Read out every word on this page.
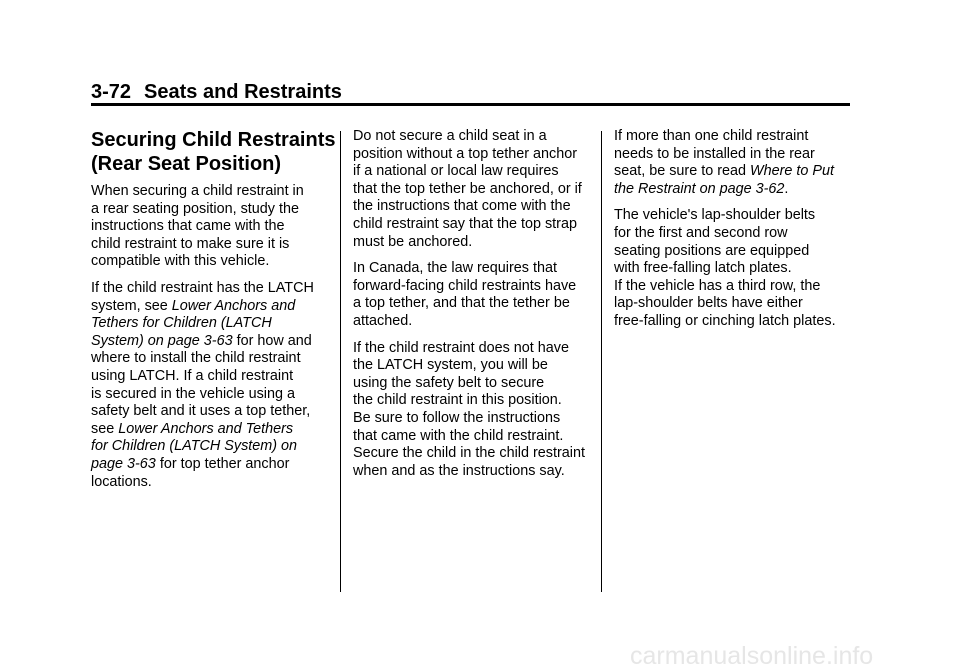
3-72 Seats and Restraints
Securing Child Restraints
(Rear Seat Position)

When securing a child restraint in
a rear seating position, study the
instructions that came with the
child restraint to make sure it is
compatible with this vehicle.

If the child restraint has the LATCH
system, see Lower Anchors and
Tethers for Children (LATCH
System) on page 3-63 for how and
where to install the child restraint
using LATCH. If a child restraint
is secured in the vehicle using a
safety belt and it uses a top tether,
see Lower Anchors and Tethers
for Children (LATCH System) on
page 3-63 for top tether anchor
locations.

Do not secure a child seat in a
position without a top tether anchor
if a national or local law requires
that the top tether be anchored, or if
the instructions that come with the
child restraint say that the top strap
must be anchored.

In Canada, the law requires that
forward-facing child restraints have
a top tether, and that the tether be
attached.

If the child restraint does not have
the LATCH system, you will be
using the safety belt to secure
the child restraint in this position.
Be sure to follow the instructions
that came with the child restraint.
Secure the child in the child restraint
when and as the instructions say.

If more than one child restraint
needs to be installed in the rear
seat, be sure to read Where to Put
the Restraint on page 3-62.

The vehicle's lap-shoulder belts
for the first and second row
seating positions are equipped
with free-falling latch plates.
If the vehicle has a third row, the
lap-shoulder belts have either
free-falling or cinching latch plates.

carmanualsonline.info
